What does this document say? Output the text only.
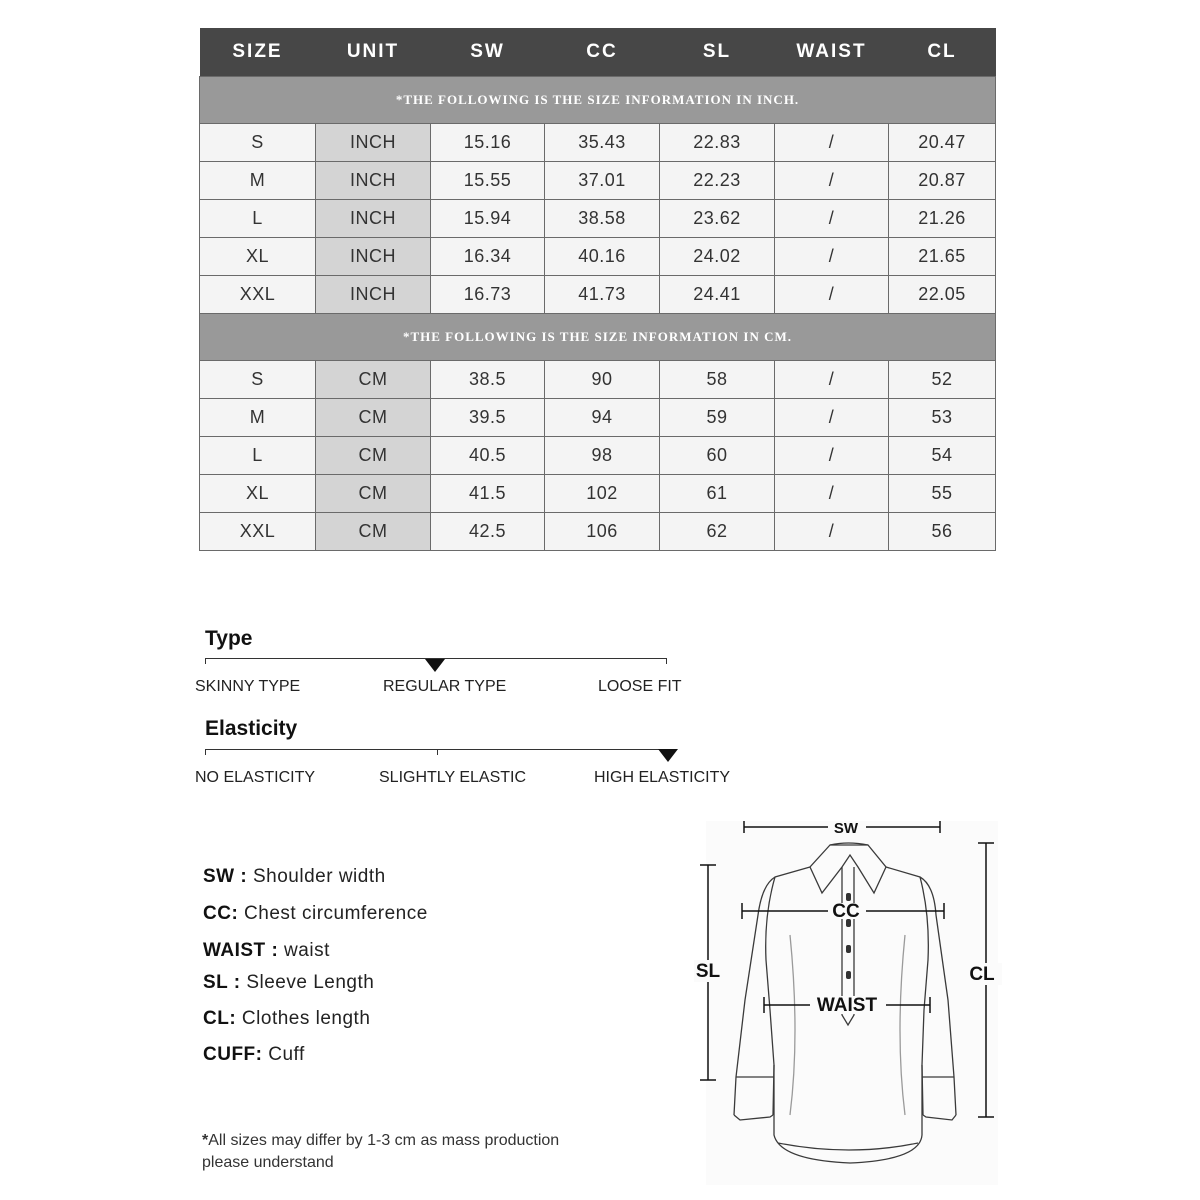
SIZE	UNIT	SW	CC	SL	WAIST	CL
*THE FOLLOWING IS THE SIZE INFORMATION IN INCH.						
S	INCH	15.16	35.43	22.83	/	20.47
M	INCH	15.55	37.01	22.23	/	20.87
L	INCH	15.94	38.58	23.62	/	21.26
XL	INCH	16.34	40.16	24.02	/	21.65
XXL	INCH	16.73	41.73	24.41	/	22.05
*THE FOLLOWING IS THE SIZE INFORMATION IN CM.						
S	CM	38.5	90	58	/	52
M	CM	39.5	94	59	/	53
L	CM	40.5	98	60	/	54
XL	CM	41.5	102	61	/	55
XXL	CM	42.5	106	62	/	56
Type
SKINNY TYPE	REGULAR TYPE	LOOSE FIT
Elasticity
NO ELASTICITY	SLIGHTLY ELASTIC	HIGH ELASTICITY
SW : Shoulder width
CC: Chest circumference
WAIST : waist
SL : Sleeve Length
CL: Clothes length
CUFF: Cuff
*All sizes may differ by 1-3 cm as mass production
please understand
SW
CC
WAIST
SL	CL
